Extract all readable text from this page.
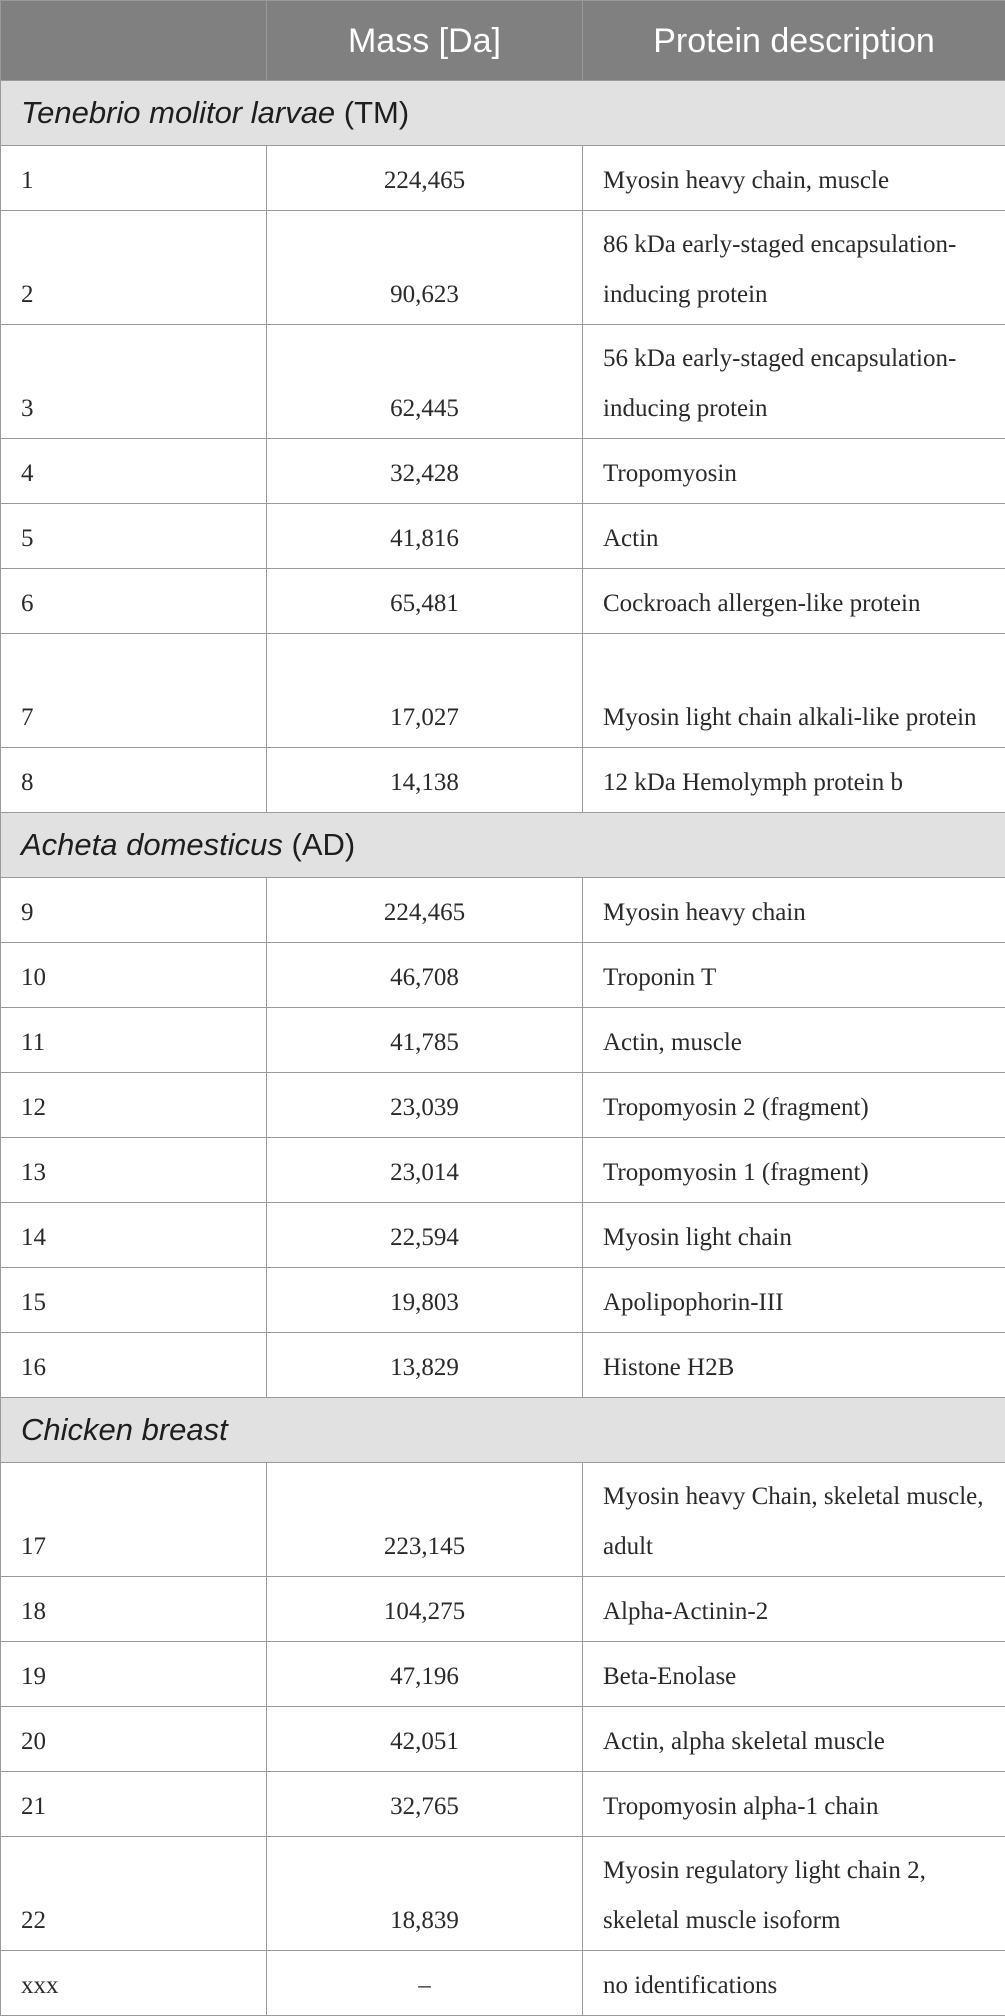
	Mass [Da]	Protein description
Tenebrio molitor larvae (TM)		
1	224,465	Myosin heavy chain, muscle
2	90,623	86 kDa early-staged encapsulation-inducing protein
3	62,445	56 kDa early-staged encapsulation-inducing protein
4	32,428	Tropomyosin
5	41,816	Actin
6	65,481	Cockroach allergen-like protein
7	17,027	Myosin light chain alkali-like protein
8	14,138	12 kDa Hemolymph protein b
Acheta domesticus (AD)		
9	224,465	Myosin heavy chain
10	46,708	Troponin T
11	41,785	Actin, muscle
12	23,039	Tropomyosin 2 (fragment)
13	23,014	Tropomyosin 1 (fragment)
14	22,594	Myosin light chain
15	19,803	Apolipophorin-III
16	13,829	Histone H2B
Chicken breast		
17	223,145	Myosin heavy Chain, skeletal muscle, adult
18	104,275	Alpha-Actinin-2
19	47,196	Beta-Enolase
20	42,051	Actin, alpha skeletal muscle
21	32,765	Tropomyosin alpha-1 chain
22	18,839	Myosin regulatory light chain 2, skeletal muscle isoform
xxx	–	no identifications
